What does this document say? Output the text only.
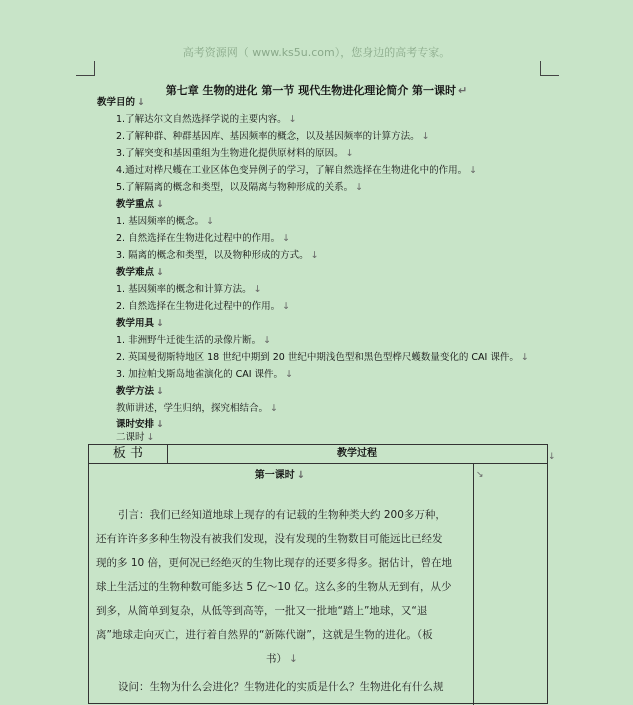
高考资源网（ www.ks5u.com），您身边的高考专家。
第七章 生物的进化 第一节 现代生物进化理论简介 第一课时 ↵
教学目的 ↓
1.了解达尔文自然选择学说的主要内容。 ↓
2.了解种群、种群基因库、基因频率的概念，以及基因频率的计算方法。 ↓
3.了解突变和基因重组为生物进化提供原材料的原因。 ↓
4.通过对桦尺蠖在工业区体色变异例子的学习，了解自然选择在生物进化中的作用。 ↓
5.了解隔离的概念和类型，以及隔离与物种形成的关系。 ↓
教学重点 ↓
1. 基因频率的概念。 ↓
2. 自然选择在生物进化过程中的作用。 ↓
3. 隔离的概念和类型，以及物种形成的方式。 ↓
教学难点 ↓
1. 基因频率的概念和计算方法。 ↓
2. 自然选择在生物进化过程中的作用。 ↓
教学用具 ↓
1. 非洲野牛迁徙生活的录像片断。 ↓
2. 英国曼彻斯特地区 18 世纪中期到 20 世纪中期浅色型和黑色型桦尺蠖数量变化的 CAI 课件。 ↓
3. 加拉帕戈斯岛地雀演化的 CAI 课件。 ↓
教学方法 ↓
教师讲述，学生归纳，探究相结合。 ↓
课时安排 ↓
二课时 ↓
板 书	教学过程	↓
↘
第一课时 ↓
引言：我们已经知道地球上现存的有记载的生物种类大约 200多万种，
还有许许多多种生物没有被我们发现，没有发现的生物数目可能远比已经发
现的多 10 倍，更何况已经绝灭的生物比现存的还要多得多。据估计，曾在地
球上生活过的生物种数可能多达 5 亿～10 亿。这么多的生物从无到有，从少
到多，从简单到复杂，从低等到高等，一批又一批地“踏上”地球，又“退
离”地球走向灭亡，进行着自然界的“新陈代谢”，这就是生物的进化。（板
书） ↓
设问：生物为什么会进化？生物进化的实质是什么？生物进化有什么规
